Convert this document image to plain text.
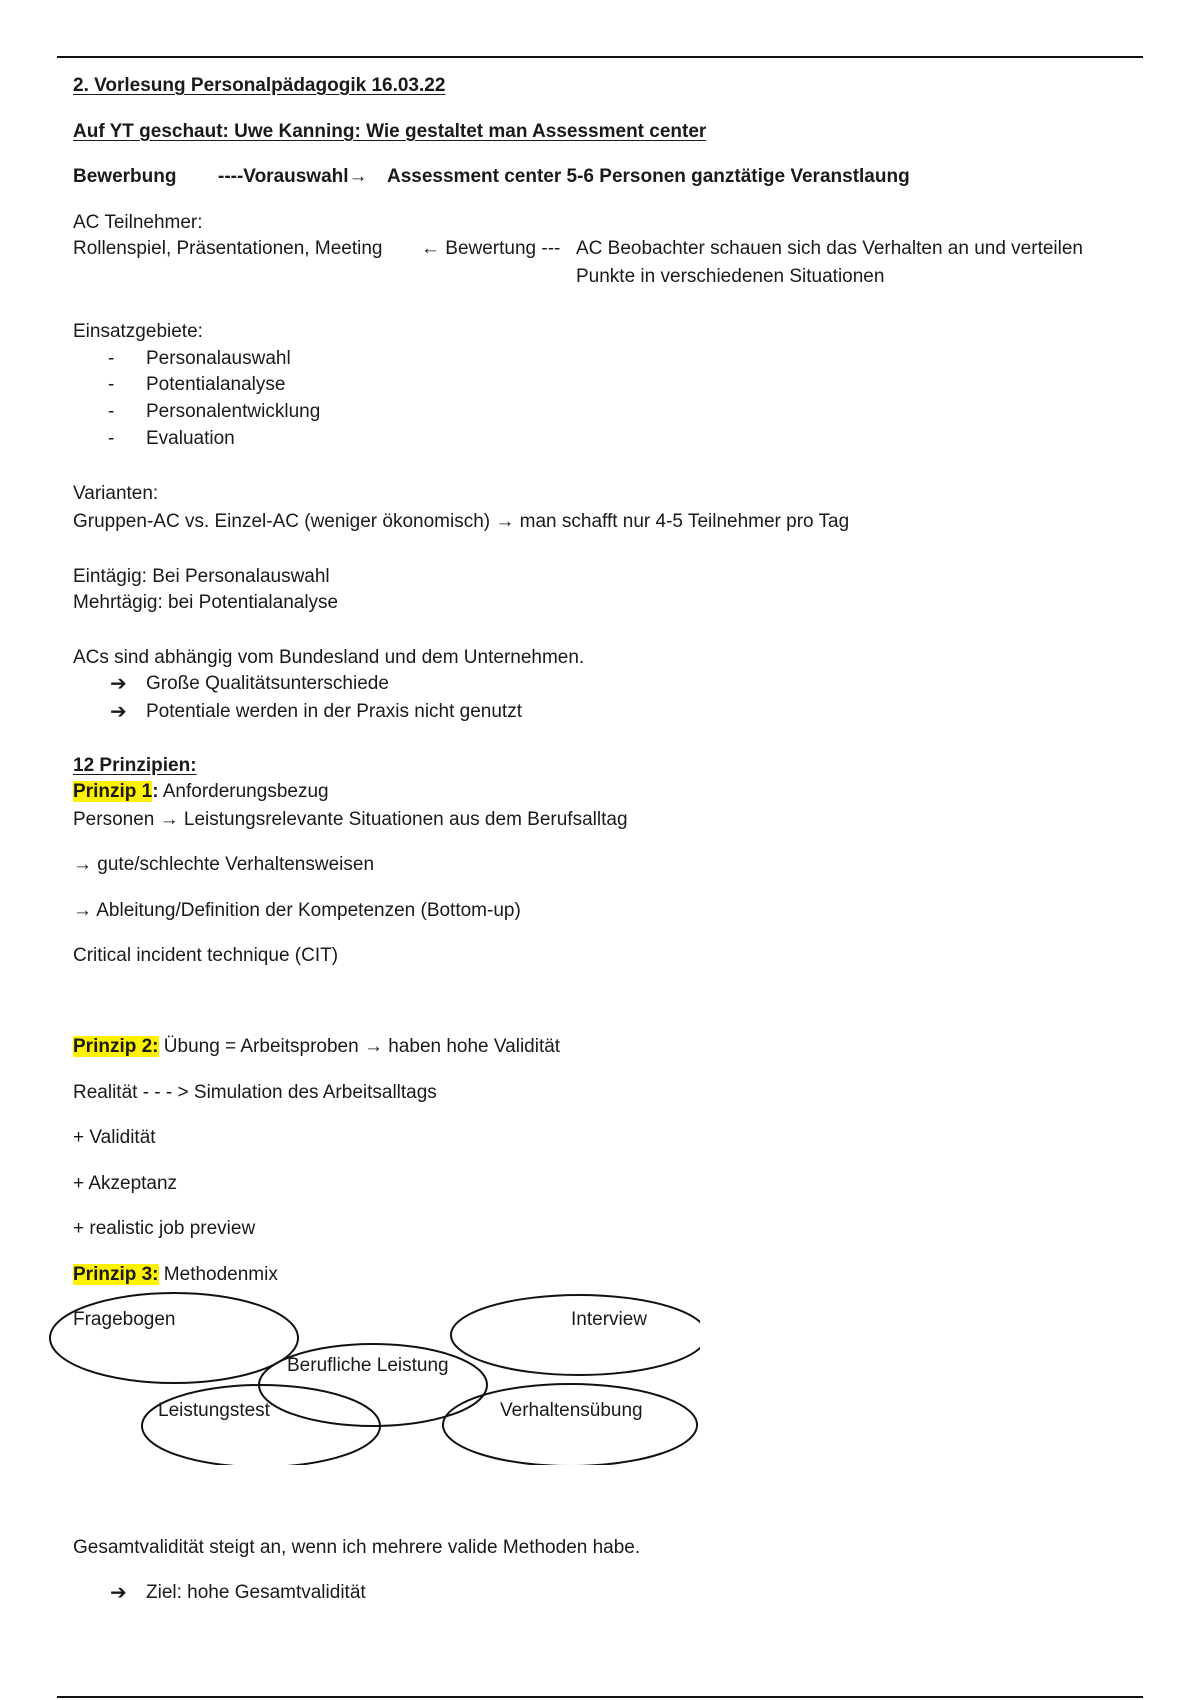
2. Vorlesung Personalpädagogik 16.03.22
Auf YT geschaut: Uwe Kanning: Wie gestaltet man Assessment center
Bewerbung ----Vorauswahl→ Assessment center 5-6 Personen ganztätige Veranstlaung
AC Teilnehmer:
Rollenspiel, Präsentationen, Meeting ← Bewertung --- AC Beobachter schauen sich das Verhalten an und verteilen
Punkte in verschiedenen Situationen
Einsatzgebiete:
- Personalauswahl
- Potentialanalyse
- Personalentwicklung
- Evaluation
Varianten:
Gruppen-AC vs. Einzel-AC (weniger ökonomisch) → man schafft nur 4-5 Teilnehmer pro Tag
Eintägig: Bei Personalauswahl
Mehrtägig: bei Potentialanalyse
ACs sind abhängig vom Bundesland und dem Unternehmen.
➔ Große Qualitätsunterschiede
➔ Potentiale werden in der Praxis nicht genutzt
12 Prinzipien:
Prinzip 1: Anforderungsbezug
Personen → Leistungsrelevante Situationen aus dem Berufsalltag
→ gute/schlechte Verhaltensweisen
→ Ableitung/Definition der Kompetenzen (Bottom-up)
Critical incident technique (CIT)
Prinzip 2: Übung = Arbeitsproben → haben hohe Validität
Realität - - - > Simulation des Arbeitsalltags
+ Validität
+ Akzeptanz
+ realistic job preview
Prinzip 3: Methodenmix
Fragebogen	Interview
Berufliche Leistung
Leistungstest	Verhaltensübung
Gesamtvalidität steigt an, wenn ich mehrere valide Methoden habe.
➔ Ziel: hohe Gesamtvalidität
